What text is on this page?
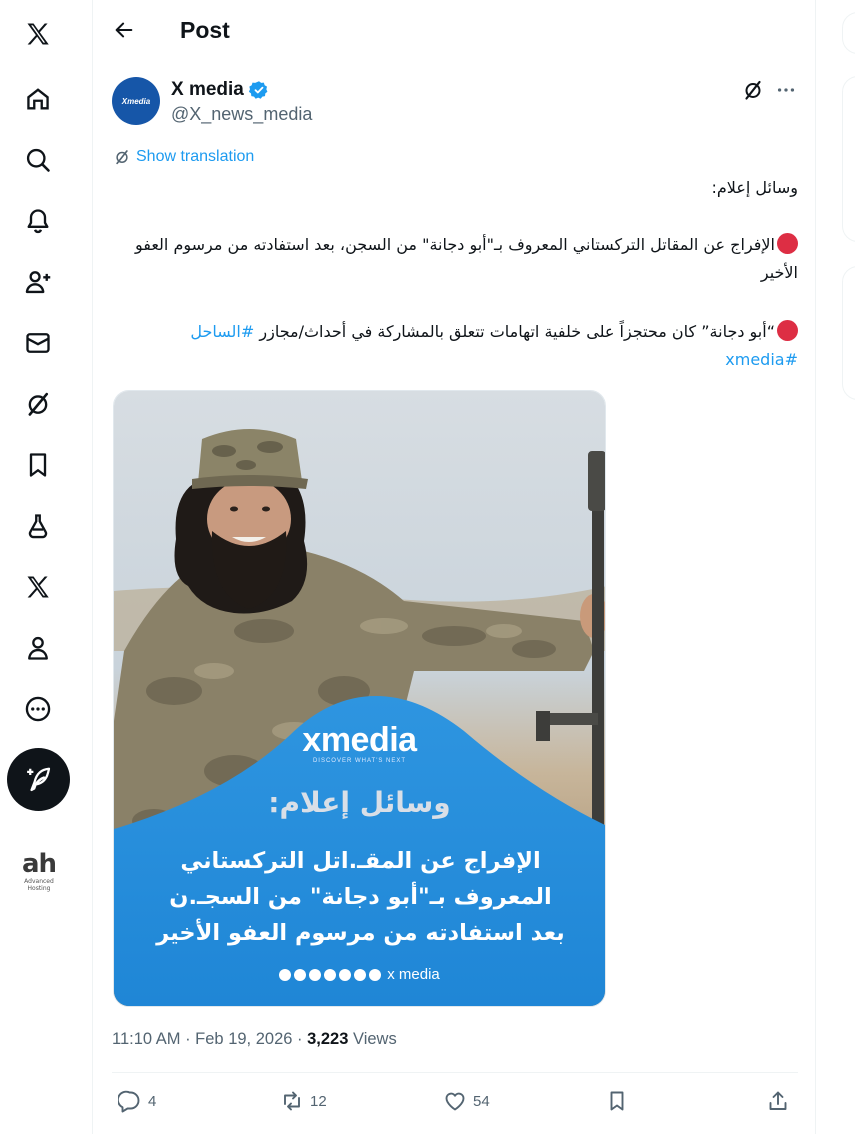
ah
Advanced
Hosting
Post
Xmedia
X media
@X_news_media
Show translation
وسائل إعلام:
الإفراج عن المقاتل التركستاني المعروف بـ"أبو دجانة" من السجن، بعد استفادته من مرسوم العفو الأخير
“أبو دجانة” كان محتجزاً على خلفية اتهامات تتعلق بالمشاركة في أحداث/مجازر #الساحل
#xmedia
xmedia
DISCOVER WHAT'S NEXT
وسائل إعلام:
الإفراج عن المقـ.اتل التركستاني
المعروف بـ"أبو دجانة" من السجـ.ن
بعد استفادته من مرسوم العفو الأخير
x media
11:10 AM · Feb 19, 2026 · 3,223 Views
4	12	54
